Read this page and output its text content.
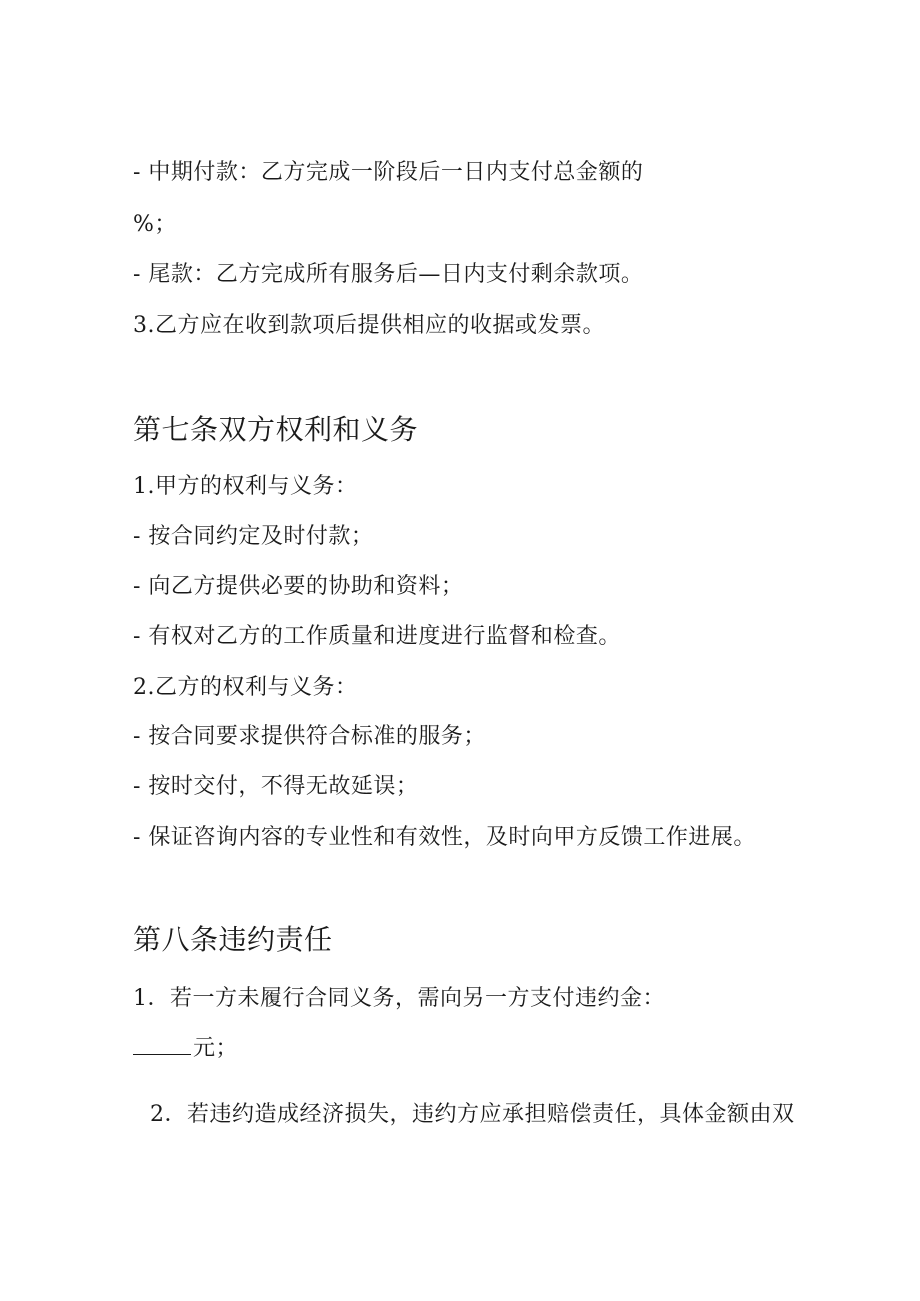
- 中期付款：乙方完成一阶段后一日内支付总金额的
%；
- 尾款：乙方完成所有服务后—日内支付剩余款项。
3.乙方应在收到款项后提供相应的收据或发票。
第七条双方权利和义务
1.甲方的权利与义务：
- 按合同约定及时付款；
- 向乙方提供必要的协助和资料；
- 有权对乙方的工作质量和进度进行监督和检查。
2.乙方的权利与义务：
- 按合同要求提供符合标准的服务；
- 按时交付，不得无故延误；
- 保证咨询内容的专业性和有效性，及时向甲方反馈工作进展。
第八条违约责任
1．若一方未履行合同义务，需向另一方支付违约金：
元；
2．若违约造成经济损失，违约方应承担赔偿责任，具体金额由双
